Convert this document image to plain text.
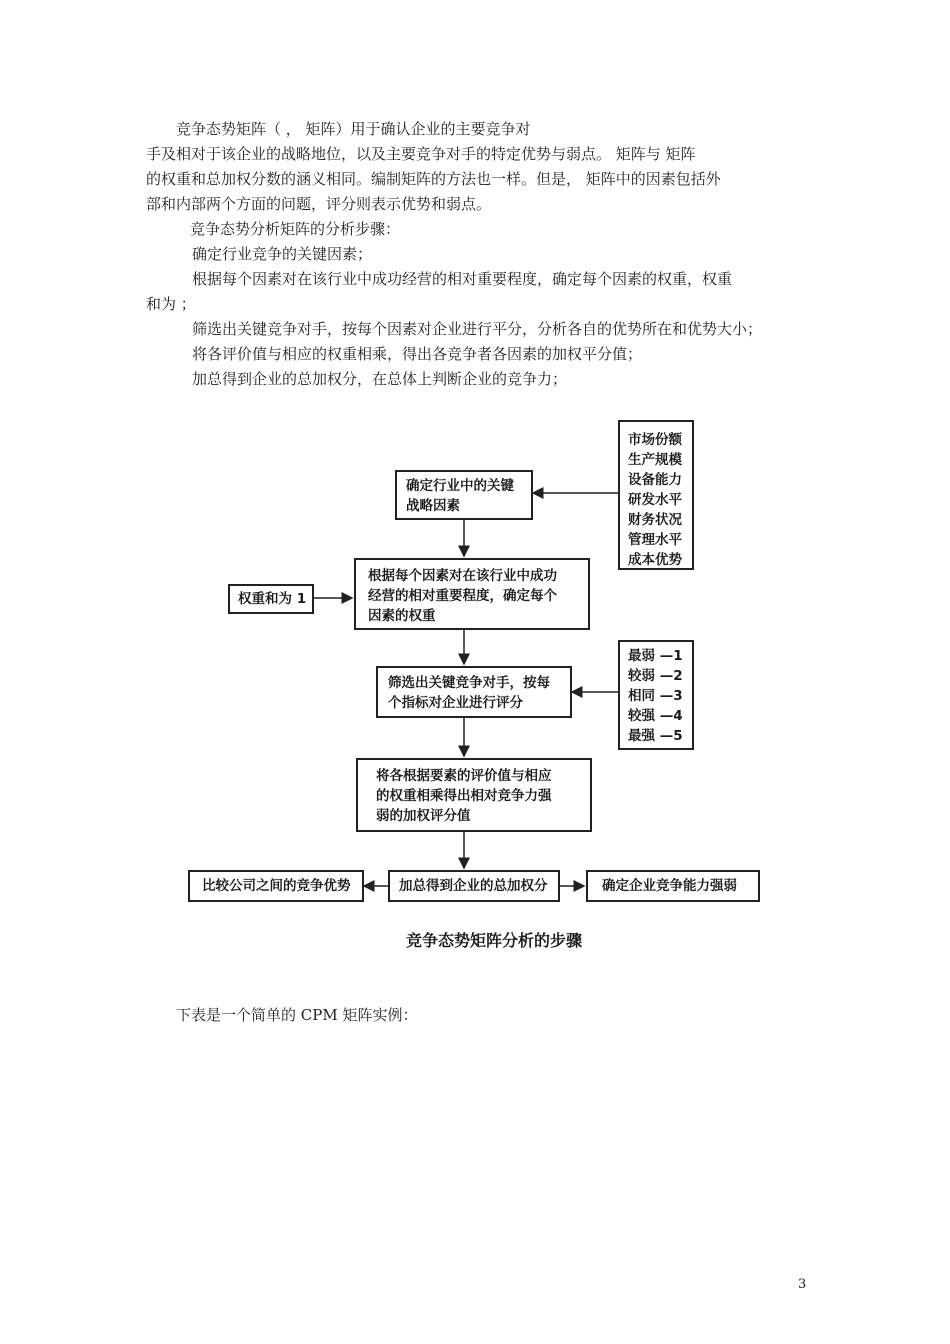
竞争态势矩阵（ ， 矩阵）用于确认企业的主要竞争对
手及相对于该企业的战略地位，以及主要竞争对手的特定优势与弱点。 矩阵与 矩阵
的权重和总加权分数的涵义相同。编制矩阵的方法也一样。但是， 矩阵中的因素包括外
部和内部两个方面的问题，评分则表示优势和弱点。
竞争态势分析矩阵的分析步骤：
确定行业竞争的关键因素；
根据每个因素对在该行业中成功经营的相对重要程度，确定每个因素的权重，权重
和为 ；
筛选出关键竞争对手，按每个因素对企业进行平分，分析各自的优势所在和优势大小；
将各评价值与相应的权重相乘，得出各竞争者各因素的加权平分值；
加总得到企业的总加权分，在总体上判断企业的竞争力；
确定行业中的关键
战略因素
市场份额
生产规模
设备能力
研发水平
财务状况
管理水平
成本优势
根据每个因素对在该行业中成功
经营的相对重要程度，确定每个
因素的权重
权重和为 1
筛选出关键竞争对手，按每
个指标对企业进行评分
最弱 —1
较弱 —2
相同 —3
较强 —4
最强 —5
将各根据要素的评价值与相应
的权重相乘得出相对竞争力强
弱的加权评分值
加总得到企业的总加权分
比较公司之间的竞争优势	确定企业竞争能力强弱
竞争态势矩阵分析的步骤
下表是一个简单的 CPM 矩阵实例：
3
